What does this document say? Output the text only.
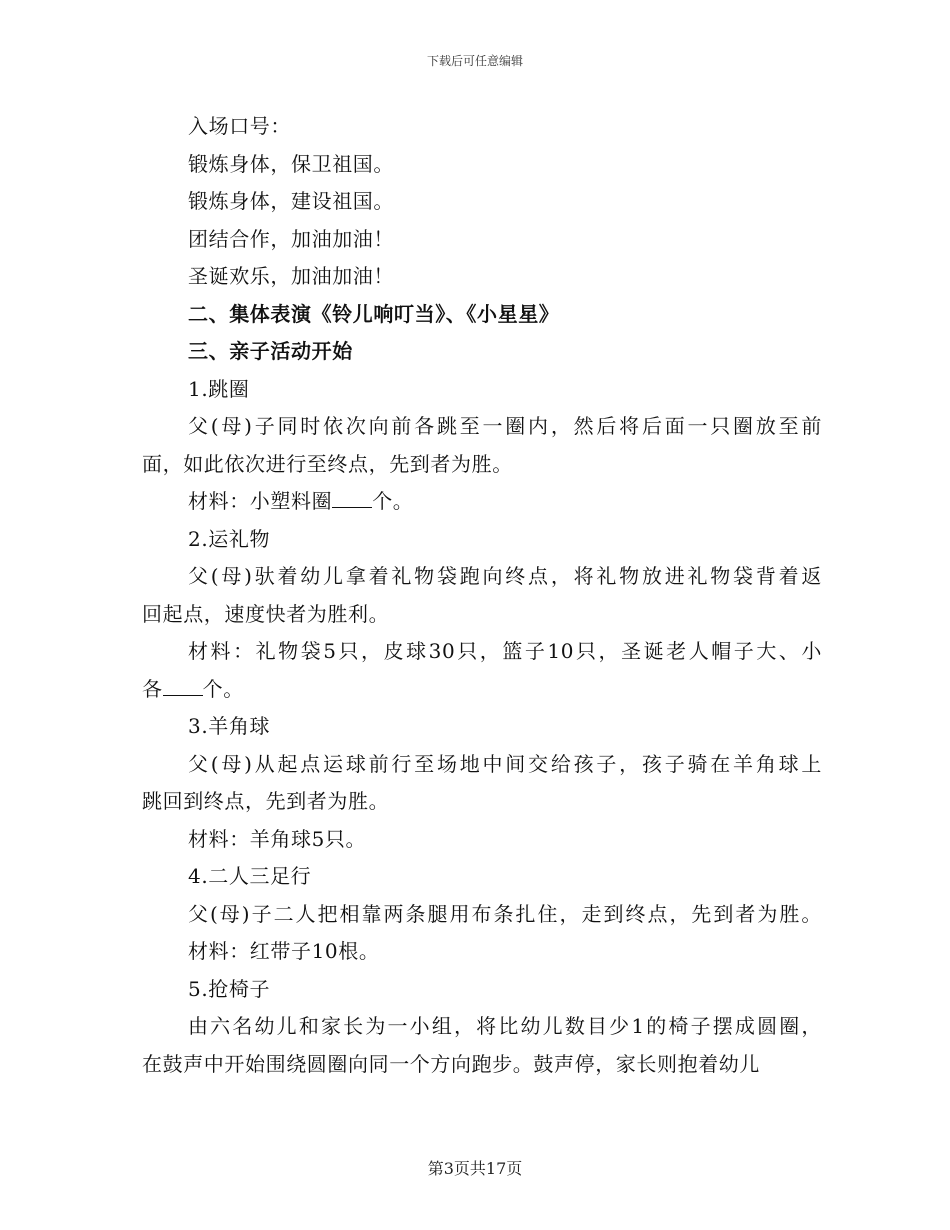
下载后可任意编辑
入场口号：
锻炼身体，保卫祖国。
锻炼身体，建设祖国。
团结合作，加油加油！
圣诞欢乐，加油加油！
二、集体表演《铃儿响叮当》、《小星星》
三、亲子活动开始
1.跳圈
父(母)子同时依次向前各跳至一圈内，然后将后面一只圈放至前
面，如此依次进行至终点，先到者为胜。
材料：小塑料圈 个。
2.运礼物
父(母)驮着幼儿拿着礼物袋跑向终点，将礼物放进礼物袋背着返
回起点，速度快者为胜利。
材料：礼物袋5只，皮球30只，篮子10只，圣诞老人帽子大、小
各 个。
3.羊角球
父(母)从起点运球前行至场地中间交给孩子，孩子骑在羊角球上
跳回到终点，先到者为胜。
材料：羊角球5只。
4.二人三足行
父(母)子二人把相靠两条腿用布条扎住，走到终点，先到者为胜。
材料：红带子10根。
5.抢椅子
由六名幼儿和家长为一小组，将比幼儿数目少1的椅子摆成圆圈，
在鼓声中开始围绕圆圈向同一个方向跑步。鼓声停，家长则抱着幼儿
第3页共17页
